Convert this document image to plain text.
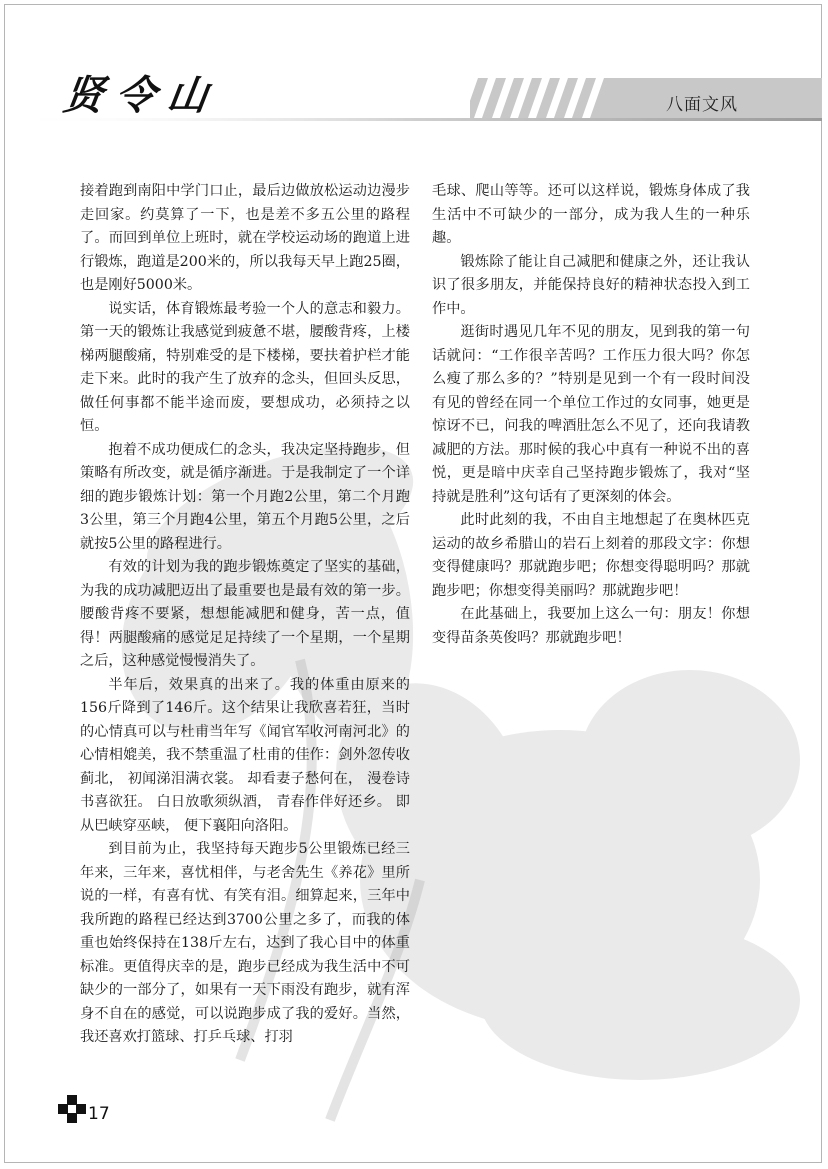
贤令山	八面文风

接着跑到南阳中学门口止，最后边做放松运动边漫步走回家。约莫算了一下，也是差不多五公里的路程了。而回到单位上班时，就在学校运动场的跑道上进行锻炼，跑道是200米的，所以我每天早上跑25圈，也是刚好5000米。

说实话，体育锻炼最考验一个人的意志和毅力。第一天的锻炼让我感觉到疲惫不堪，腰酸背疼，上楼梯两腿酸痛，特别难受的是下楼梯，要扶着护栏才能走下来。此时的我产生了放弃的念头，但回头反思，做任何事都不能半途而废，要想成功，必须持之以恒。

抱着不成功便成仁的念头，我决定坚持跑步，但策略有所改变，就是循序渐进。于是我制定了一个详细的跑步锻炼计划：第一个月跑2公里，第二个月跑3公里，第三个月跑4公里，第五个月跑5公里，之后就按5公里的路程进行。

有效的计划为我的跑步锻炼奠定了坚实的基础，为我的成功减肥迈出了最重要也是最有效的第一步。腰酸背疼不要紧，想想能减肥和健身，苦一点，值得！两腿酸痛的感觉足足持续了一个星期，一个星期之后，这种感觉慢慢消失了。

半年后，效果真的出来了。我的体重由原来的156斤降到了146斤。这个结果让我欣喜若狂，当时的心情真可以与杜甫当年写《闻官军收河南河北》的心情相媲美，我不禁重温了杜甫的佳作：剑外忽传收蓟北， 初闻涕泪满衣裳。 却看妻子愁何在， 漫卷诗书喜欲狂。 白日放歌须纵酒， 青春作伴好还乡。 即从巴峡穿巫峡， 便下襄阳向洛阳。

到目前为止，我坚持每天跑步5公里锻炼已经三年来，三年来，喜忧相伴，与老舍先生《养花》里所说的一样，有喜有忧、有笑有泪。细算起来，三年中我所跑的路程已经达到3700公里之多了，而我的体重也始终保持在138斤左右，达到了我心目中的体重标准。更值得庆幸的是，跑步已经成为我生活中不可缺少的一部分了，如果有一天下雨没有跑步，就有浑身不自在的感觉，可以说跑步成了我的爱好。当然，我还喜欢打篮球、打乒乓球、打羽

毛球、爬山等等。还可以这样说，锻炼身体成了我生活中不可缺少的一部分，成为我人生的一种乐趣。

锻炼除了能让自己减肥和健康之外，还让我认识了很多朋友，并能保持良好的精神状态投入到工作中。

逛街时遇见几年不见的朋友，见到我的第一句话就问：“工作很辛苦吗？工作压力很大吗？你怎么瘦了那么多的？”特别是见到一个有一段时间没有见的曾经在同一个单位工作过的女同事，她更是惊讶不已，问我的啤酒肚怎么不见了，还向我请教减肥的方法。那时候的我心中真有一种说不出的喜悦，更是暗中庆幸自己坚持跑步锻炼了，我对“坚持就是胜利”这句话有了更深刻的体会。

此时此刻的我，不由自主地想起了在奥林匹克运动的故乡希腊山的岩石上刻着的那段文字：你想变得健康吗？那就跑步吧；你想变得聪明吗？那就跑步吧；你想变得美丽吗？那就跑步吧！

在此基础上，我要加上这么一句：朋友！你想变得苗条英俊吗？那就跑步吧！

17
